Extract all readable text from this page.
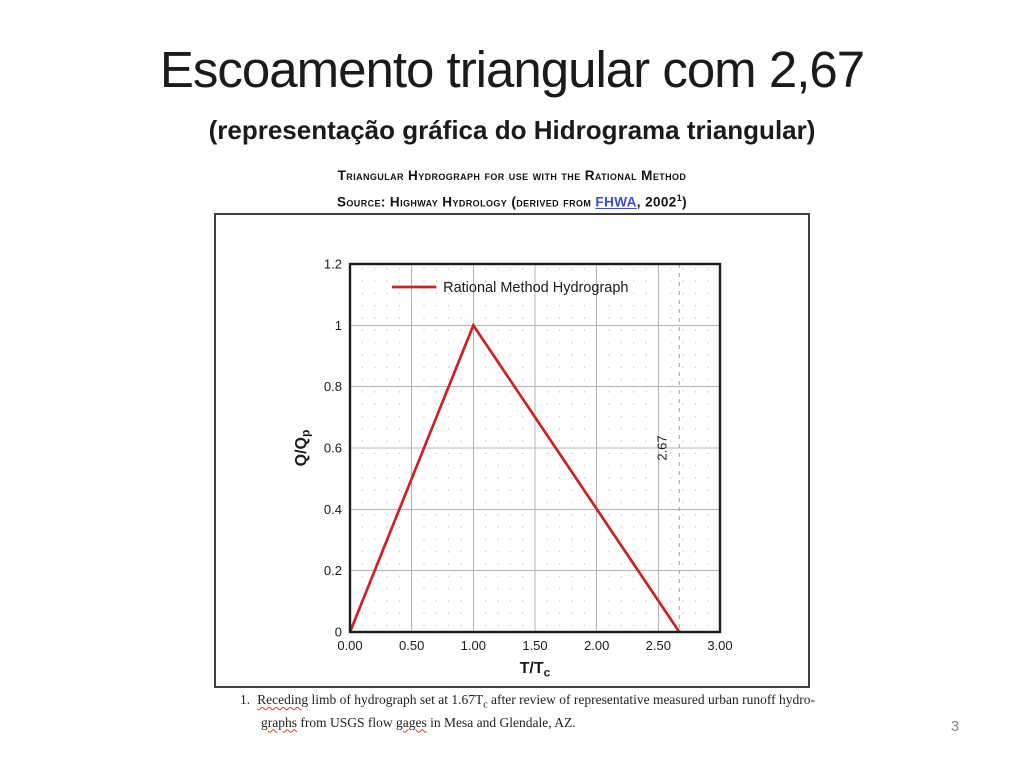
Escoamento triangular com 2,67
(representação gráfica do Hidrograma triangular)
Triangular Hydrograph for use with the Rational Method
Source: Highway Hydrology (derived from FHWA, 2002$^1$)
2.67
Rational Method Hydrograph
0.00	0.50	1.00	1.50	2.00	2.50	3.00
0
0.2
0.4
0.6
0.8
1
1.2
$T/T_c$
$Q/Q_p$
1. Receding limb of hydrograph set at $1.67T_c$ after review of representative measured urban runoff hydro-
graphs from USGS flow gages in Mesa and Glendale, AZ.	3
